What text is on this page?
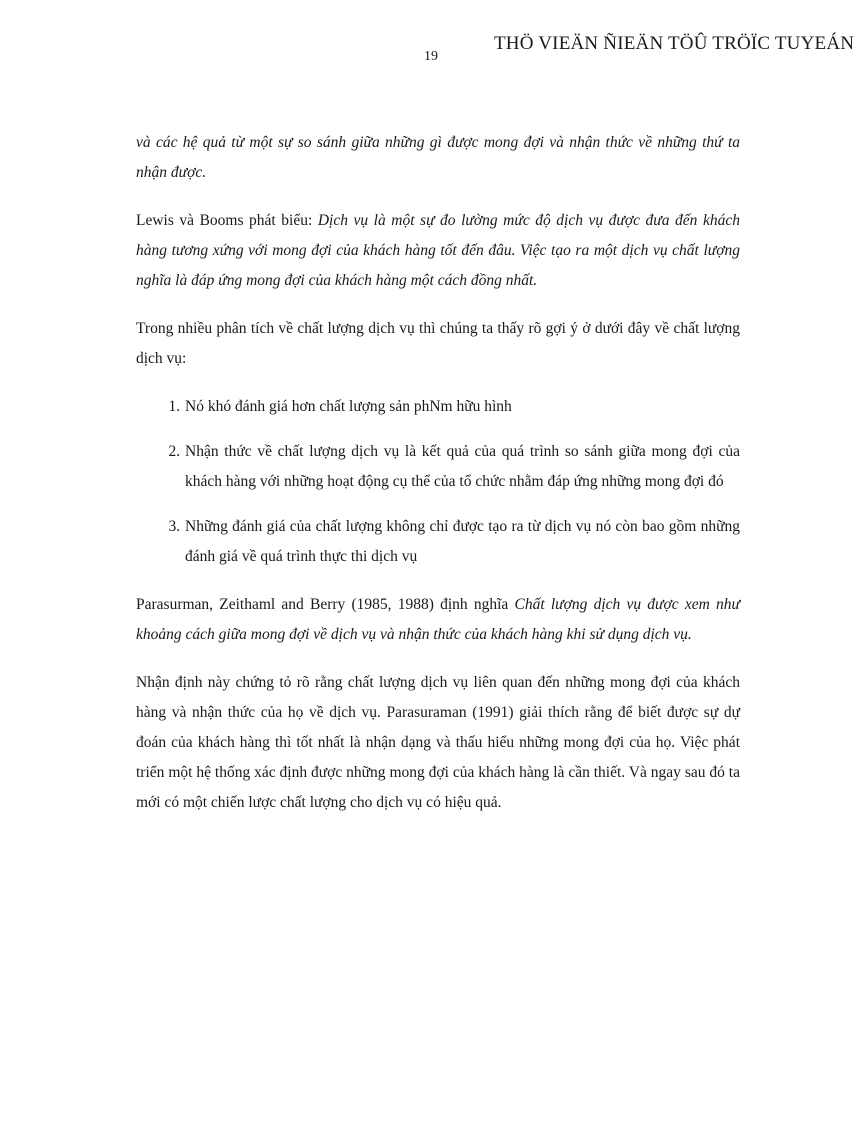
19
THÖ VIEÄN ÑIEÄN TÖÛ TRÖÏC TUYEÁN

và các hệ quả từ một sự so sánh giữa những gì được mong đợi và nhận thức về những thứ ta nhận được.

Lewis và Booms phát biểu: Dịch vụ là một sự đo lường mức độ dịch vụ được đưa đến khách hàng tương xứng với mong đợi của khách hàng tốt đến đâu. Việc tạo ra một dịch vụ chất lượng nghĩa là đáp ứng mong đợi của khách hàng một cách đồng nhất.

Trong nhiều phân tích về chất lượng dịch vụ thì chúng ta thấy rõ gợi ý ở dưới đây về chất lượng dịch vụ:

1. Nó khó đánh giá hơn chất lượng sản phNm hữu hình
2. Nhận thức về chất lượng dịch vụ là kết quả của quá trình so sánh giữa mong đợi của khách hàng với những hoạt động cụ thể của tổ chức nhằm đáp ứng những mong đợi đó
3. Những đánh giá của chất lượng không chỉ được tạo ra từ dịch vụ nó còn bao gồm những đánh giá về quá trình thực thi dịch vụ

Parasurman, Zeithaml and Berry (1985, 1988) định nghĩa Chất lượng dịch vụ được xem như khoảng cách giữa mong đợi về dịch vụ và nhận thức của khách hàng khi sử dụng dịch vụ.

Nhận định này chứng tỏ rõ rằng chất lượng dịch vụ liên quan đến những mong đợi của khách hàng và nhận thức của họ về dịch vụ. Parasuraman (1991) giải thích rằng để biết được sự dự đoán của khách hàng thì tốt nhất là nhận dạng và thấu hiểu những mong đợi của họ. Việc phát triển một hệ thống xác định được những mong đợi của khách hàng là cần thiết. Và ngay sau đó ta mới có một chiến lược chất lượng cho dịch vụ có hiệu quả.
